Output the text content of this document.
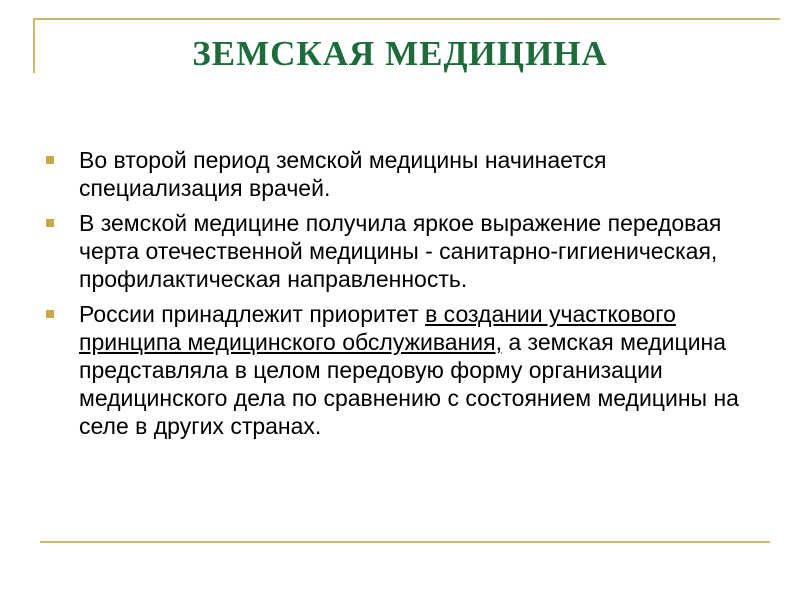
ЗЕМСКАЯ МЕДИЦИНА
Во второй период земской медицины начинается специализация врачей.
В земской медицине получила яркое выражение передовая черта отечественной медицины - санитарно-гигиеническая, профилактическая направленность.
России принадлежит приоритет в создании участкового принципа медицинского обслуживания, а земская медицина представляла в целом передовую форму организации медицинского дела по сравнению с состоянием медицины на селе в других странах.
